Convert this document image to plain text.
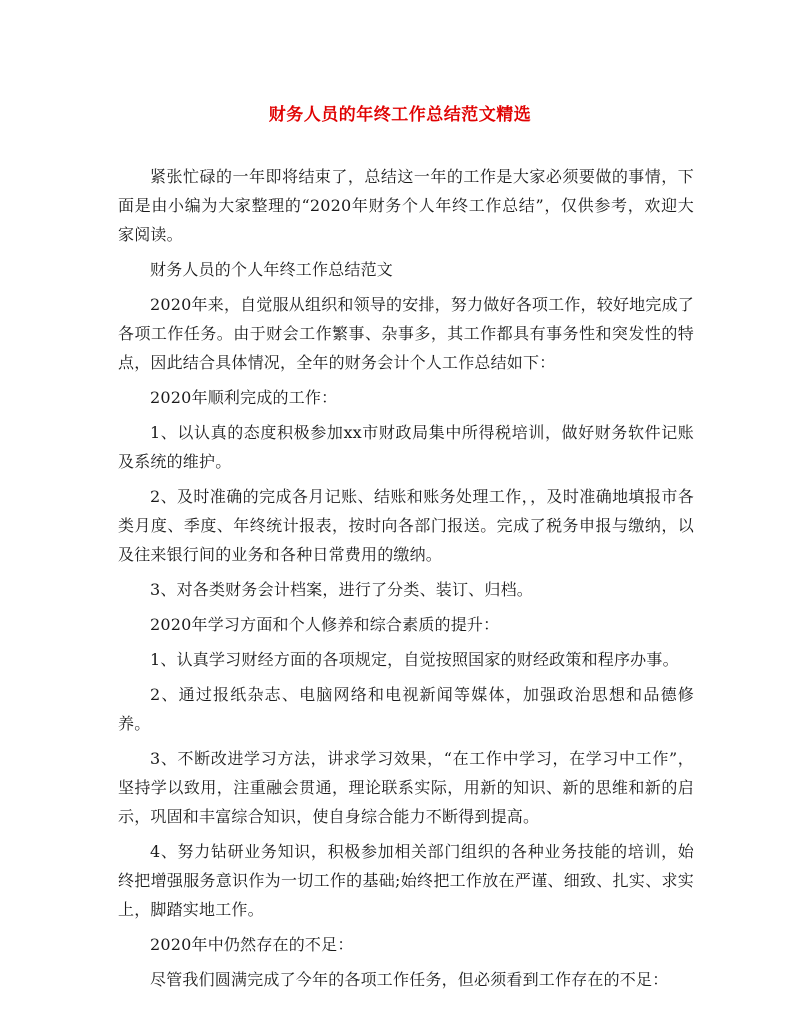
财务人员的年终工作总结范文精选

紧张忙碌的一年即将结束了，总结这一年的工作是大家必须要做的事情，下面是由小编为大家整理的“2020年财务个人年终工作总结”，仅供参考，欢迎大家阅读。

财务人员的个人年终工作总结范文

2020年来，自觉服从组织和领导的安排，努力做好各项工作，较好地完成了各项工作任务。由于财会工作繁事、杂事多，其工作都具有事务性和突发性的特点，因此结合具体情况，全年的财务会计个人工作总结如下：

2020年顺利完成的工作：

1、以认真的态度积极参加xx市财政局集中所得税培训，做好财务软件记账及系统的维护。

2、及时准确的完成各月记账、结账和账务处理工作，，及时准确地填报市各类月度、季度、年终统计报表，按时向各部门报送。完成了税务申报与缴纳，以及往来银行间的业务和各种日常费用的缴纳。

3、对各类财务会计档案，进行了分类、装订、归档。

2020年学习方面和个人修养和综合素质的提升：

1、认真学习财经方面的各项规定，自觉按照国家的财经政策和程序办事。

2、通过报纸杂志、电脑网络和电视新闻等媒体，加强政治思想和品德修养。

3、不断改进学习方法，讲求学习效果，“在工作中学习，在学习中工作”，坚持学以致用，注重融会贯通，理论联系实际，用新的知识、新的思维和新的启示，巩固和丰富综合知识，使自身综合能力不断得到提高。

4、努力钻研业务知识，积极参加相关部门组织的各种业务技能的培训，始终把增强服务意识作为一切工作的基础;始终把工作放在严谨、细致、扎实、求实上，脚踏实地工作。

2020年中仍然存在的不足：

尽管我们圆满完成了今年的各项工作任务，但必须看到工作存在的不足：
